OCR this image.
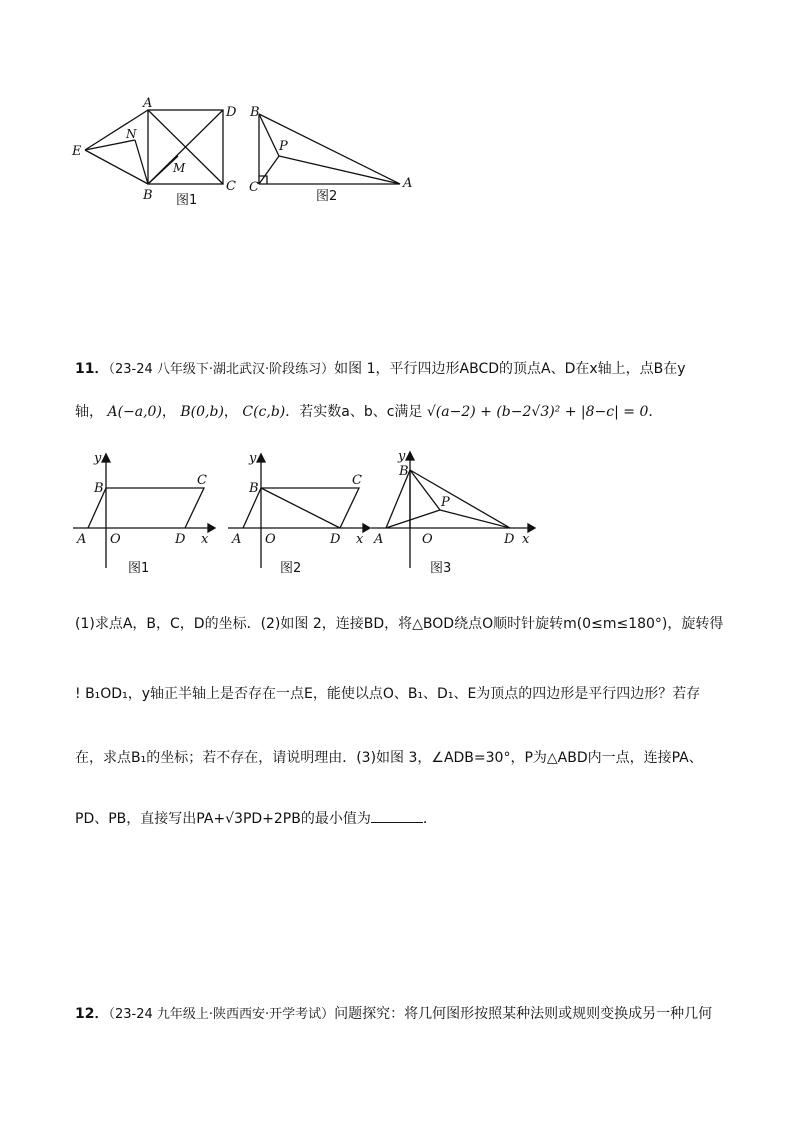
A
D
N
E
M
B
C
图1
B
P
C	A
图2
11．（23-24 八年级下·湖北武汉·阶段练习）如图 1，平行四边形ABCD的顶点A、D在x轴上，点B在y
轴， A(−a,0)， B(0,b)， C(c,b)．若实数a、b、c满足 √(a−2) + (b−2√3)² + |8−c| = 0．
y
B
C
A O	D x
图1
y
B
C
A O	D x
图2
y
B
P
A	O	D x
图3
(1)求点A，B，C，D的坐标．(2)如图 2，连接BD，将△BOD绕点O顺时针旋转m(0≤m≤180°)，旋转得
! B₁OD₁，y轴正半轴上是否存在一点E，能使以点O、B₁、D₁、E为顶点的四边形是平行四边形？若存
在，求点B₁的坐标；若不存在，请说明理由．(3)如图 3，∠ADB=30°，P为△ABD内一点，连接PA、
PD、PB，直接写出PA+√3PD+2PB的最小值为	．
12．（23-24 九年级上·陕西西安·开学考试）问题探究：将几何图形按照某种法则或规则变换成另一种几何
